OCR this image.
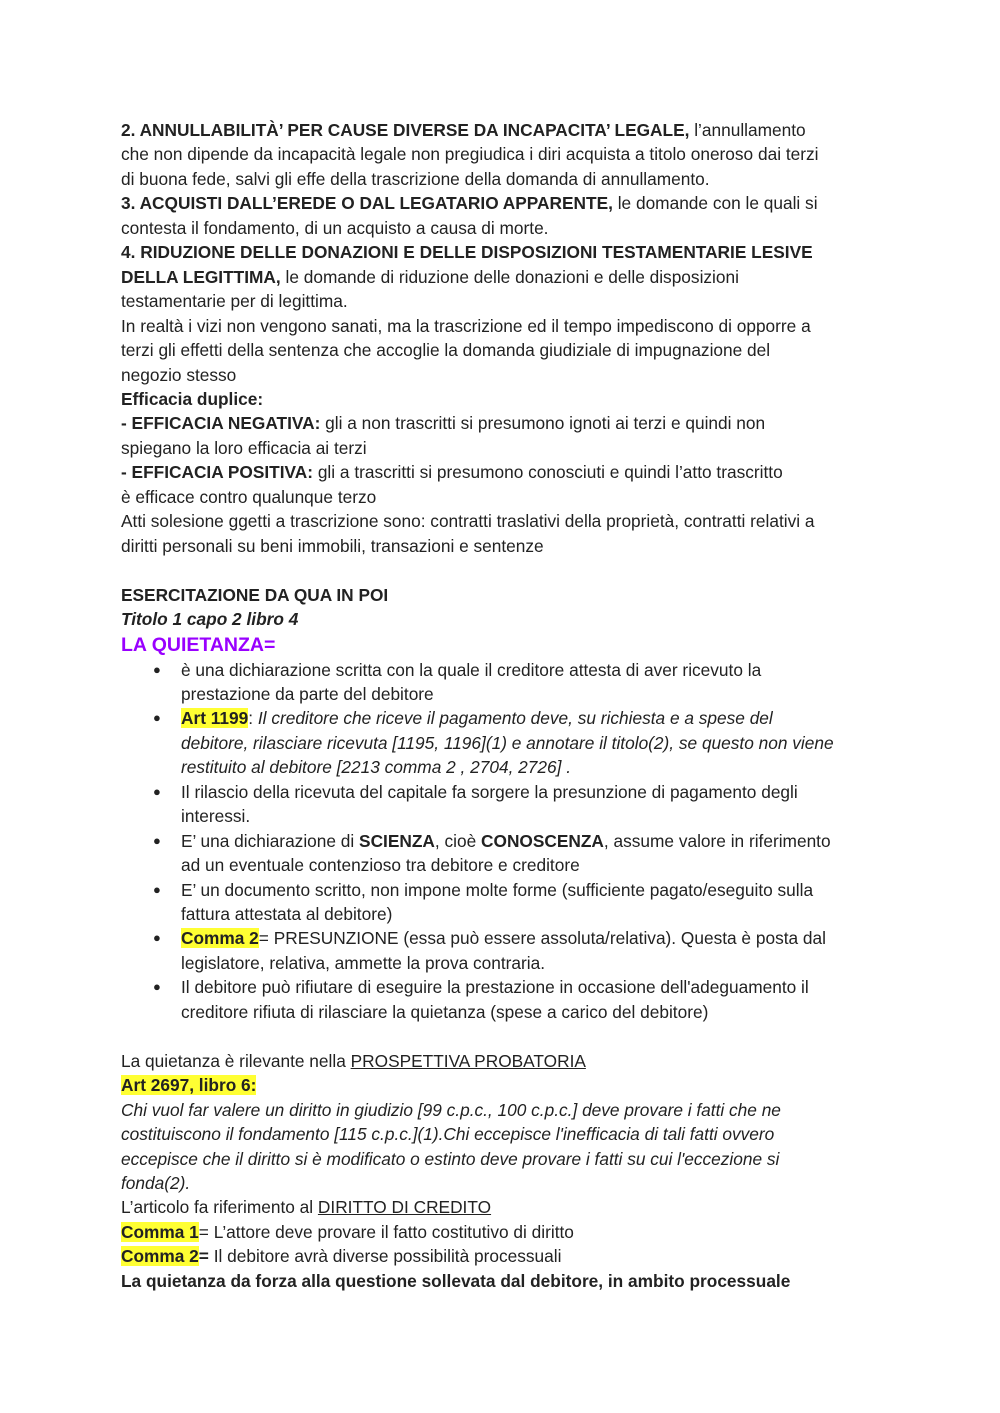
2. ANNULLABILITÀ’ PER CAUSE DIVERSE DA INCAPACITA’ LEGALE, l’annullamento

che non dipende da incapacità legale non pregiudica i diri acquista a titolo oneroso dai terzi

di buona fede, salvi gli effe della trascrizione della domanda di annullamento.

3. ACQUISTI DALL’EREDE O DAL LEGATARIO APPARENTE, le domande con le quali si

contesta il fondamento, di un acquisto a causa di morte.

4. RIDUZIONE DELLE DONAZIONI E DELLE DISPOSIZIONI TESTAMENTARIE LESIVE

DELLA LEGITTIMA, le domande di riduzione delle donazioni e delle disposizioni

testamentarie per di legittima.

In realtà i vizi non vengono sanati, ma la trascrizione ed il tempo impediscono di opporre a

terzi gli effetti della sentenza che accoglie la domanda giudiziale di impugnazione del

negozio stesso

Efficacia duplice:

- EFFICACIA NEGATIVA: gli a non trascritti si presumono ignoti ai terzi e quindi non

spiegano la loro efficacia ai terzi

- EFFICACIA POSITIVA: gli a trascritti si presumono conosciuti e quindi l’atto trascritto

è efficace contro qualunque terzo

Atti solesione ggetti a trascrizione sono: contratti traslativi della proprietà, contratti relativi a

diritti personali su beni immobili, transazioni e sentenze

ESERCITAZIONE DA QUA IN POI

Titolo 1 capo 2 libro 4

LA QUIETANZA=

● è una dichiarazione scritta con la quale il creditore attesta di aver ricevuto la
prestazione da parte del debitore
● Art 1199: Il creditore che riceve il pagamento deve, su richiesta e a spese del
debitore, rilasciare ricevuta [1195, 1196](1) e annotare il titolo(2), se questo non viene
restituito al debitore [2213 comma 2 , 2704, 2726] .
● Il rilascio della ricevuta del capitale fa sorgere la presunzione di pagamento degli
interessi.
● E’ una dichiarazione di SCIENZA, cioè CONOSCENZA, assume valore in riferimento
ad un eventuale contenzioso tra debitore e creditore
● E’ un documento scritto, non impone molte forme (sufficiente pagato/eseguito sulla
fattura attestata al debitore)
● Comma 2= PRESUNZIONE (essa può essere assoluta/relativa). Questa è posta dal
legislatore, relativa, ammette la prova contraria.
● Il debitore può rifiutare di eseguire la prestazione in occasione dell'adeguamento il
creditore rifiuta di rilasciare la quietanza (spese a carico del debitore)

La quietanza è rilevante nella PROSPETTIVA PROBATORIA

Art 2697, libro 6:

Chi vuol far valere un diritto in giudizio [99 c.p.c., 100 c.p.c.] deve provare i fatti che ne

costituiscono il fondamento [115 c.p.c.](1).Chi eccepisce l'inefficacia di tali fatti ovvero

eccepisce che il diritto si è modificato o estinto deve provare i fatti su cui l'eccezione si

fonda(2).

L’articolo fa riferimento al DIRITTO DI CREDITO

Comma 1= L’attore deve provare il fatto costitutivo di diritto

Comma 2= Il debitore avrà diverse possibilità processuali

La quietanza da forza alla questione sollevata dal debitore, in ambito processuale
